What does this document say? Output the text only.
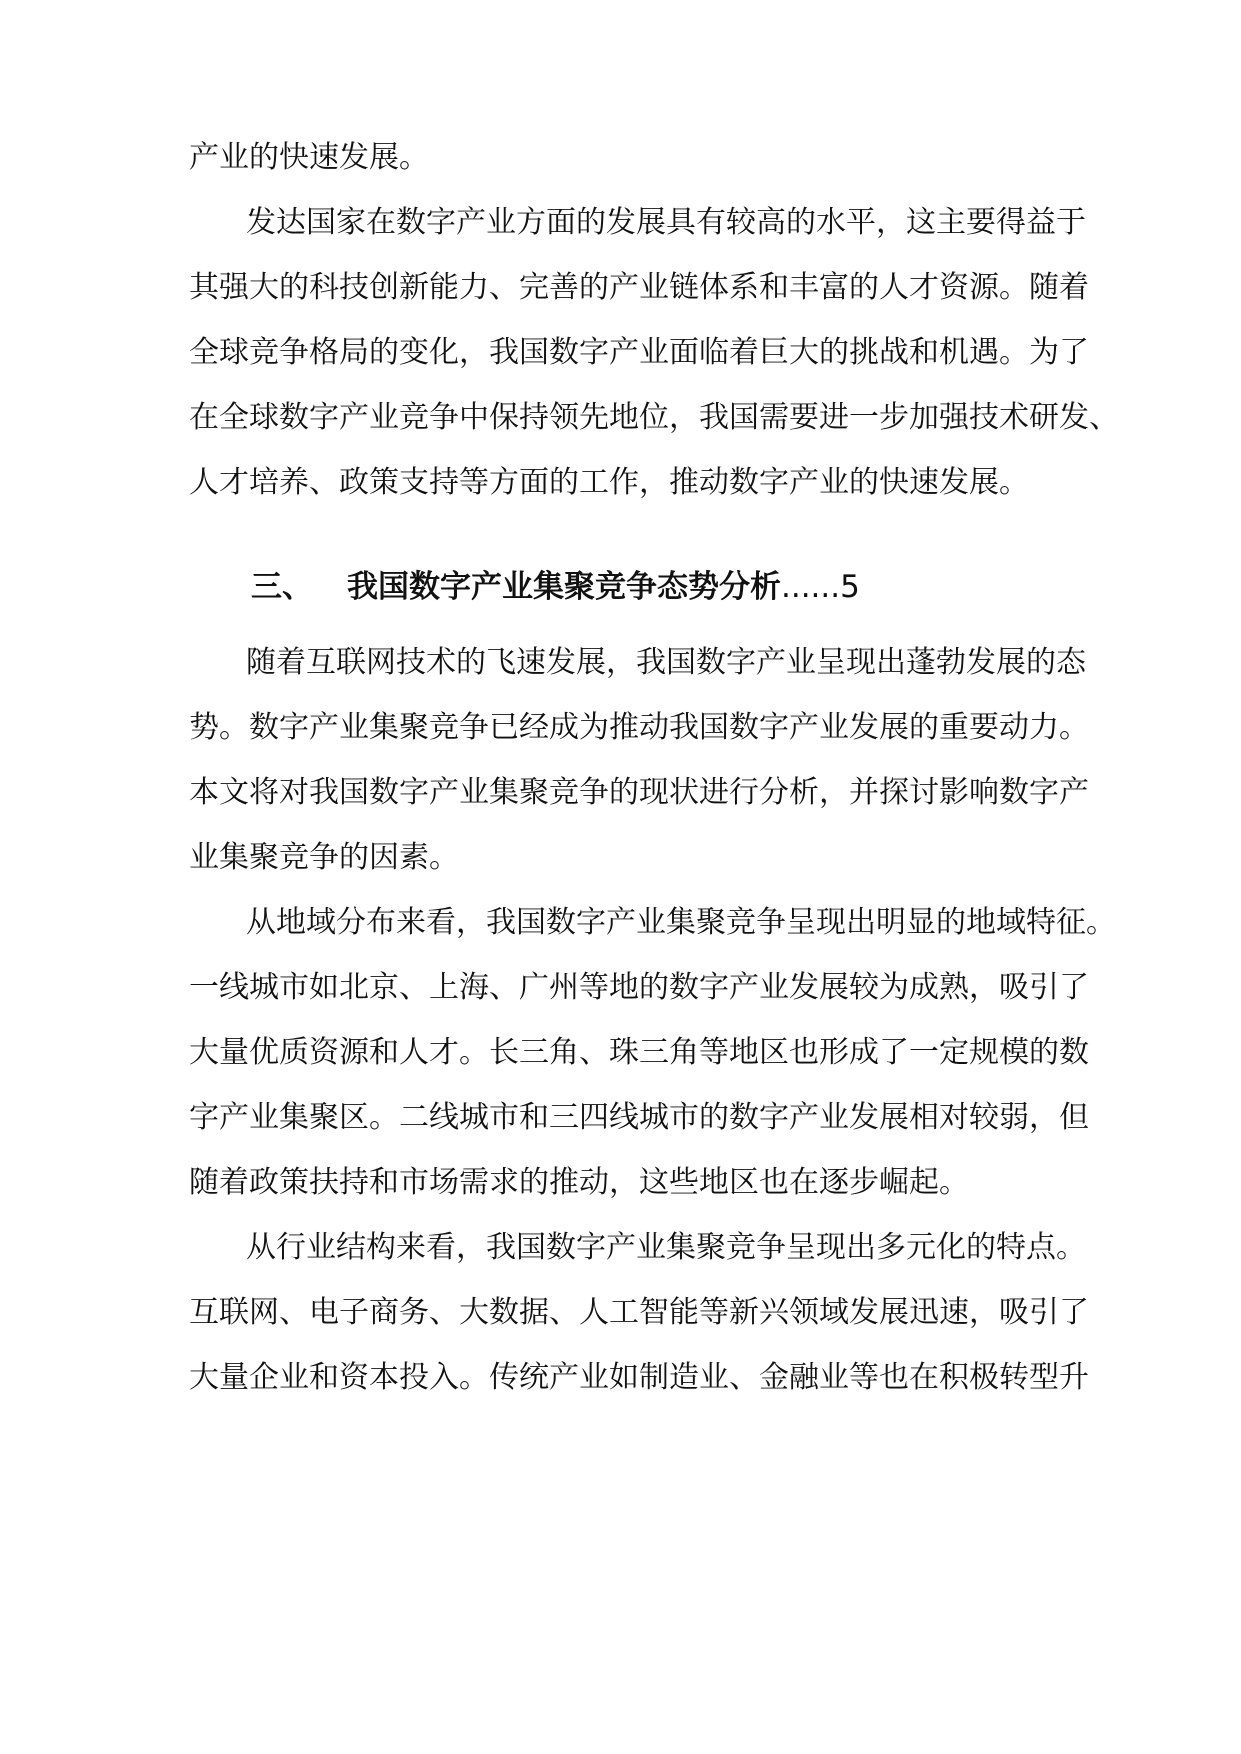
产业的快速发展。
发达国家在数字产业方面的发展具有较高的水平，这主要得益于
其强大的科技创新能力、完善的产业链体系和丰富的人才资源。随着
全球竞争格局的变化，我国数字产业面临着巨大的挑战和机遇。为了
在全球数字产业竞争中保持领先地位，我国需要进一步加强技术研发、
人才培养、政策支持等方面的工作，推动数字产业的快速发展。
三、 我国数字产业集聚竞争态势分析......5
随着互联网技术的飞速发展，我国数字产业呈现出蓬勃发展的态
势。数字产业集聚竞争已经成为推动我国数字产业发展的重要动力。
本文将对我国数字产业集聚竞争的现状进行分析，并探讨影响数字产
业集聚竞争的因素。
从地域分布来看，我国数字产业集聚竞争呈现出明显的地域特征。
一线城市如北京、上海、广州等地的数字产业发展较为成熟，吸引了
大量优质资源和人才。长三角、珠三角等地区也形成了一定规模的数
字产业集聚区。二线城市和三四线城市的数字产业发展相对较弱，但
随着政策扶持和市场需求的推动，这些地区也在逐步崛起。
从行业结构来看，我国数字产业集聚竞争呈现出多元化的特点。
互联网、电子商务、大数据、人工智能等新兴领域发展迅速，吸引了
大量企业和资本投入。传统产业如制造业、金融业等也在积极转型升
